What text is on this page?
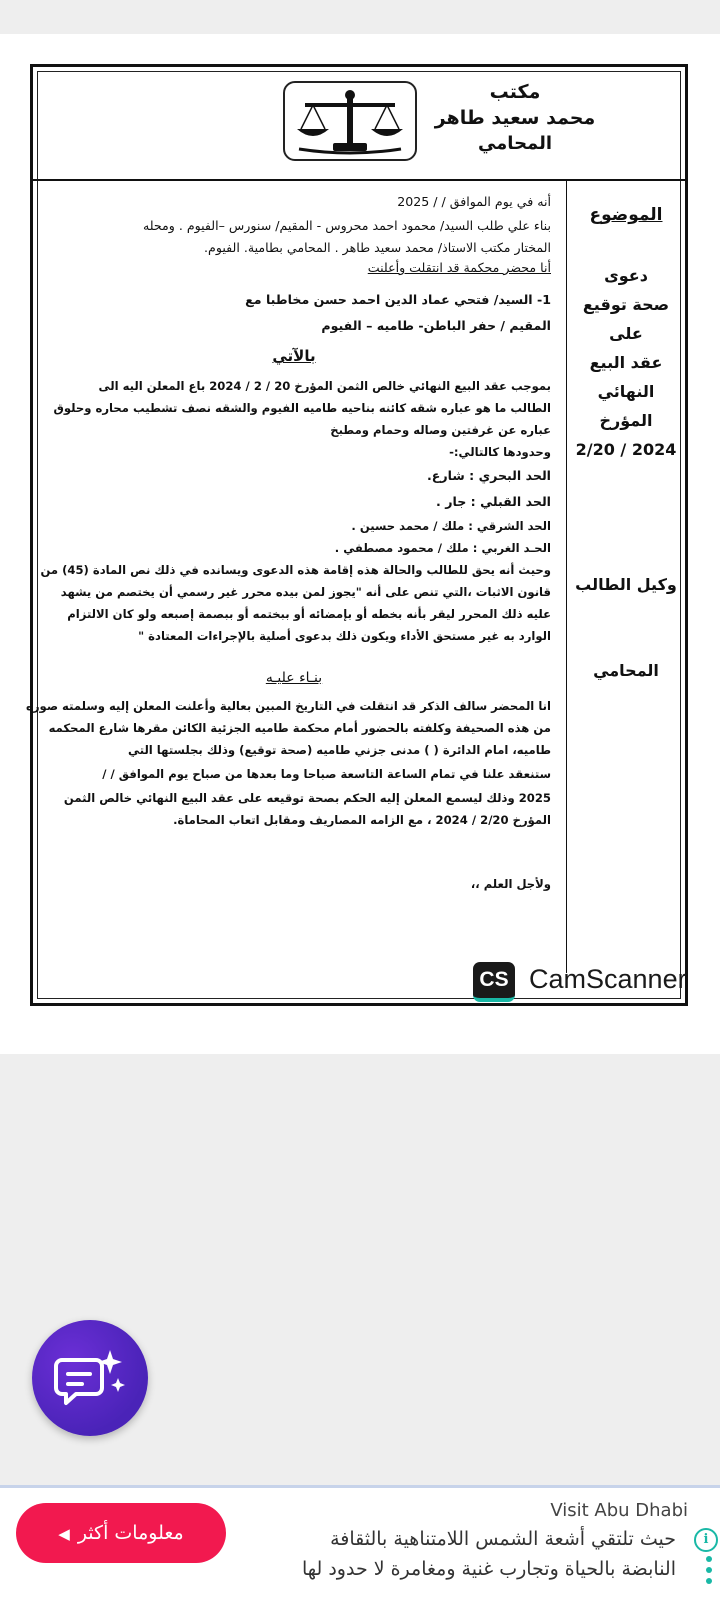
مكتب
محمد سعيد طاهر
المحامي
الموضوع
دعوى
صحة توقيع
على
عقد البيع
النهائي
المؤرخ
2024 / 2/20
وكيل الطالب
المحامي
أنه في يوم الموافق / / 2025
بناء علي طلب السيد/ محمود احمد محروس - المقيم/ سنورس –الفيوم . ومحله
المختار مكتب الاستاذ/ محمد سعيد طاهر . المحامي بطامية. الفيوم.
أنا محضر محكمة قد انتقلت وأعلنت
1- السيد/ فتحي عماد الدين احمد حسن مخاطبا مع
المقيم / حفر الباطن- طاميه – الفيوم
بالآتي
بموجب عقد البيع النهائي خالص الثمن المؤرخ 20 / 2 / 2024 باع المعلن اليه الى
الطالب ما هو عباره شقه كائنه بناحيه طاميه الفيوم والشقه نصف تشطيب محاره وحلوق
عباره عن غرفتين وصاله وحمام ومطبخ
وحدودها كالتالي:-
الحد البحري : شارع.
الحد القبلي : جار .
الحد الشرقي : ملك / محمد حسين .
الحـد الغربي : ملك / محمود مصطفي .
وحيث أنه يحق للطالب والحالة هذه إقامة هذه الدعوى ويسانده في ذلك نص المادة (45) من
قانون الاثبات ،التي تنص على أنه "يجوز لمن بيده محرر غير رسمي أن يختصم من يشهد
عليه ذلك المحرر ليقر بأنه بخطه أو بإمضائه أو ببختمه أو ببصمة إصبعه ولو كان الالتزام
الوارد به غير مستحق الأداء ويكون ذلك بدعوى أصلية بالإجراءات المعتادة "
بنـاء عليـه
انا المحضر سالف الذكر قد انتقلت في التاريخ المبين بعالية وأعلنت المعلن إليه وسلمته صوره
من هذه الصحيفة وكلفته بالحضور أمام محكمة طاميه الجزئية الكائن مقرها شارع المحكمه
طاميه، امام الدائرة ( ) مدنى جزني طاميه (صحة توقيع) وذلك بجلستها التي
ستنعقد علنا في تمام الساعة التاسعة صباحا وما بعدها من صباح يوم الموافق / /
2025 وذلك ليسمع المعلن إليه الحكم بصحة توقيعه على عقد البيع النهائي خالص الثمن
المؤرخ 2/20 / 2024 ، مع الزامه المصاريف ومقابل اتعاب المحاماة.
ولأجل العلم ،،
CS CamScanner
معلومات أكثر◀
Visit Abu Dhabi
حيث تلتقي أشعة الشمس اللامتناهية بالثقافة
النابضة بالحياة وتجارب غنية ومغامرة لا حدود لها
i
